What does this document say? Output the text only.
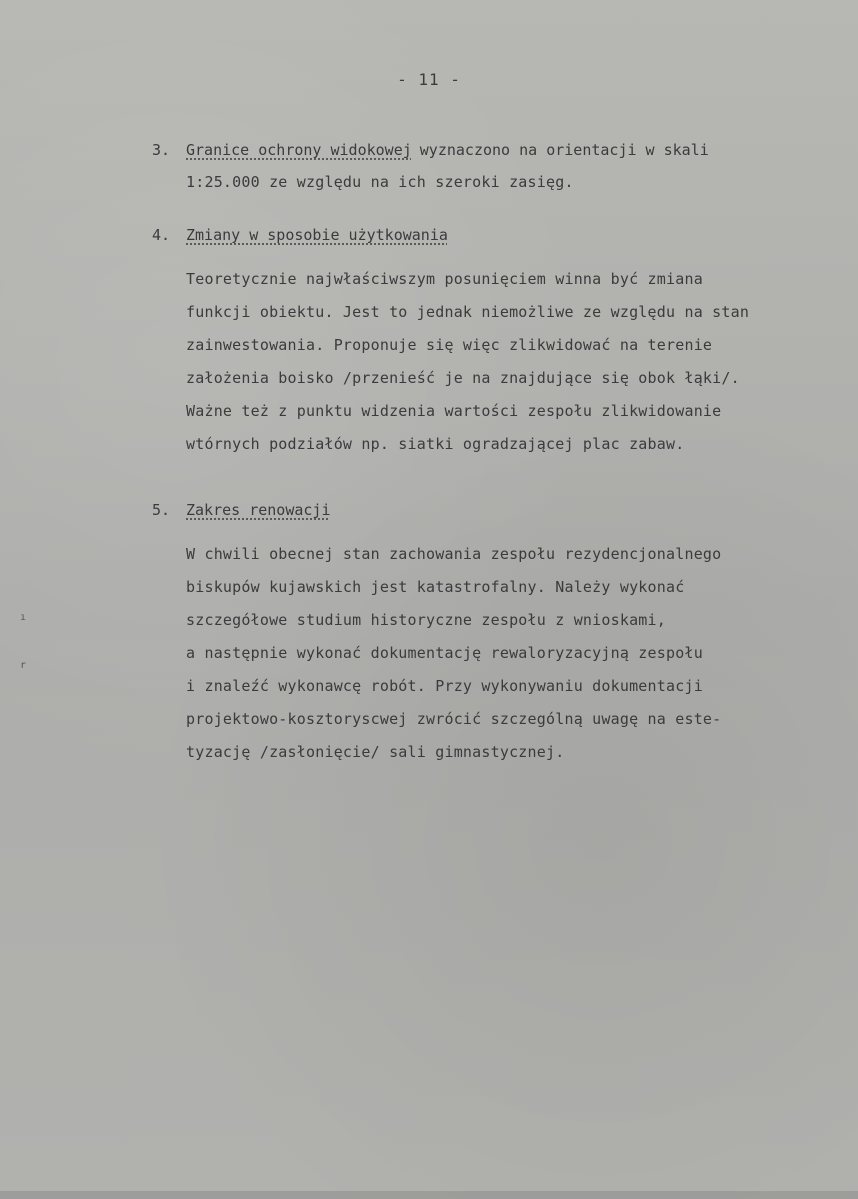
- 11 -
3.	Granice ochrony widokowej wyznaczono na orientacji w skali
1:25.000 ze względu na ich szeroki zasięg.
4.	Zmiany w sposobie użytkowania
Teoretycznie najwłaściwszym posunięciem winna być zmiana
funkcji obiektu. Jest to jednak niemożliwe ze względu na stan
zainwestowania. Proponuje się więc zlikwidować na terenie
założenia boisko /przenieść je na znajdujące się obok łąki/.
Ważne też z punktu widzenia wartości zespołu zlikwidowanie
wtórnych podziałów np. siatki ogradzającej plac zabaw.
5.	Zakres renowacji
W chwili obecnej stan zachowania zespołu rezydencjonalnego
biskupów kujawskich jest katastrofalny. Należy wykonać
szczegółowe studium historyczne zespołu z wnioskami,
a następnie wykonać dokumentację rewaloryzacyjną zespołu
i znaleźć wykonawcę robót. Przy wykonywaniu dokumentacji
projektowo-kosztoryscwej zwrócić szczególną uwagę na este-
tyzację /zasłonięcie/ sali gimnastycznej.
ı
r
